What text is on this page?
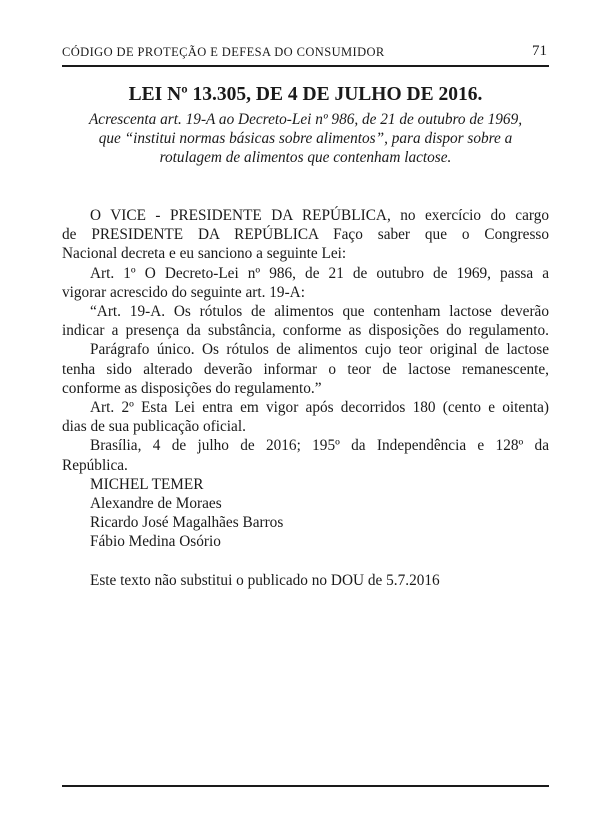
CÓDIGO DE PROTEÇÃO E DEFESA DO CONSUMIDOR	71
LEI Nº 13.305, DE 4 DE JULHO DE 2016.
Acrescenta art. 19-A ao Decreto-Lei nº 986, de 21 de outubro de 1969,
que “institui normas básicas sobre alimentos”, para dispor sobre a
rotulagem de alimentos que contenham lactose.
O VICE - PRESIDENTE DA REPÚBLICA, no exercício do cargo
de PRESIDENTE DA REPÚBLICA Faço saber que o Congresso
Nacional decreta e eu sanciono a seguinte Lei:
Art. 1º O Decreto-Lei nº 986, de 21 de outubro de 1969, passa a
vigorar acrescido do seguinte art. 19-A:
“Art. 19-A. Os rótulos de alimentos que contenham lactose deverão
indicar a presença da substância, conforme as disposições do regulamento.
Parágrafo único. Os rótulos de alimentos cujo teor original de lactose
tenha sido alterado deverão informar o teor de lactose remanescente,
conforme as disposições do regulamento.”
Art. 2º Esta Lei entra em vigor após decorridos 180 (cento e oitenta)
dias de sua publicação oficial.
Brasília, 4 de julho de 2016; 195º da Independência e 128º da
República.
MICHEL TEMER
Alexandre de Moraes
Ricardo José Magalhães Barros
Fábio Medina Osório
Este texto não substitui o publicado no DOU de 5.7.2016
